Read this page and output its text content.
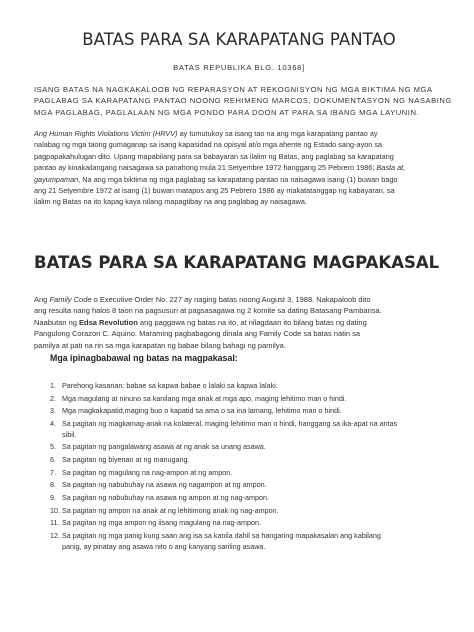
BATAS PARA SA KARAPATANG PANTAO
BATAS REPUBLIKA BLG. 10368]
ISANG BATAS NA NAGKAKALOOB NG REPARASYON AT REKOGNISYON NG MGA BIKTIMA NG MGA
PAGLABAG SA KARAPATANG PANTAO NOONG REHIMENG MARCOS, DOKUMENTASYON NG NASABING
MGA PAGLABAG, PAGLALAAN NG MGA PONDO PARA DOON AT PARA SA IBANG MGA LAYUNIN.
Ang Human Rights Violations Victim (HRVV) ay tumutukoy sa isang tao na ang mga karapatang pantao ay
nalabag ng mga taong gumaganap sa isang kapasidad na opisyal at/o mga ahente ng Estado sang-ayon sa
pagpapakahulugan dito. Upang mapabilang para sa babayaran sa ilalim ng Batas, ang paglabag sa karapatang
pantao ay kinakailangang naisagawa sa panahong mula 21 Setyembre 1972 hanggang 25 Pebrero 1986; Basta at,
gayumpaman, Na ang mga biktima ng mga paglabag sa karapatang pantao na naisagawa isang (1) buwan bago
ang 21 Setyembre 1972 at isang (1) buwan matapos ang 25 Pebrero 1986 ay makatatanggap ng kabayaran, sa
ilalim ng Batas na ito kapag kaya nilang mapagtibay na ang paglabag ay naisagawa.
BATAS PARA SA KARAPATANG MAGPAKASAL
Ang Family Code o Executive Order No. 227 ay naging batas noong August 3, 1988. Nakapaloob dito
ang resulta nang halos 8 taon na pagsusuri at pagsasagawa ng 2 komite sa dating Batasang Pambansa.
Naabutan ng Edsa Revolution ang paggawa ng batas na ito, at nilagdaan ito bilang batas ng dating
Pangulong Corazon C. Aquino. Maraming pagbabagong dinala ang Family Code sa batas natin sa
pamilya at pati na rin sa mga karapatan ng babae bilang bahagi ng pamilya.
Mga ipinagbabawal ng batas na magpakasal:
1. Parehong kasarian: babae sa kapwa babae o lalaki sa kapwa lalaki.
2. Mga magulang at ninuno sa kanilang mga anak at mga apo, maging lehitimo man o hindi.
3. Mga magkakapatid,maging buo o kapatid sa ama o sa ina lamang, lehitimo man o hindi.
4. Sa pagitan ng magkamag-anak na kolateral, maging lehitimo man o hindi, hanggang sa ika-apat na antas
sibil.
5. Sa pagitan ng pangalawang asawa at ng anak sa unang asawa.
6. Sa pagitan ng biyenan at ng manugang.
7. Sa pagitan ng magulang na nag-ampon at ng ampon.
8. Sa pagitan ng nabubuhay na asawa ng nagampon at ng ampon.
9. Sa pagitan ng nabubuhay na asawa ng ampon at ng nag-ampon.
10. Sa pagitan ng ampon na anak at ng lehitimong anak ng nag-ampon.
11. Sa pagitan ng mga ampon ng iisang magulang na nag-ampon.
12. Sa pagitan ng mga panig kung saan ang isa sa kanila dahil sa hangaring mapakasalan ang kabilang
panig, ay pinatay ang asawa nito o ang kanyang sariling asawa.
